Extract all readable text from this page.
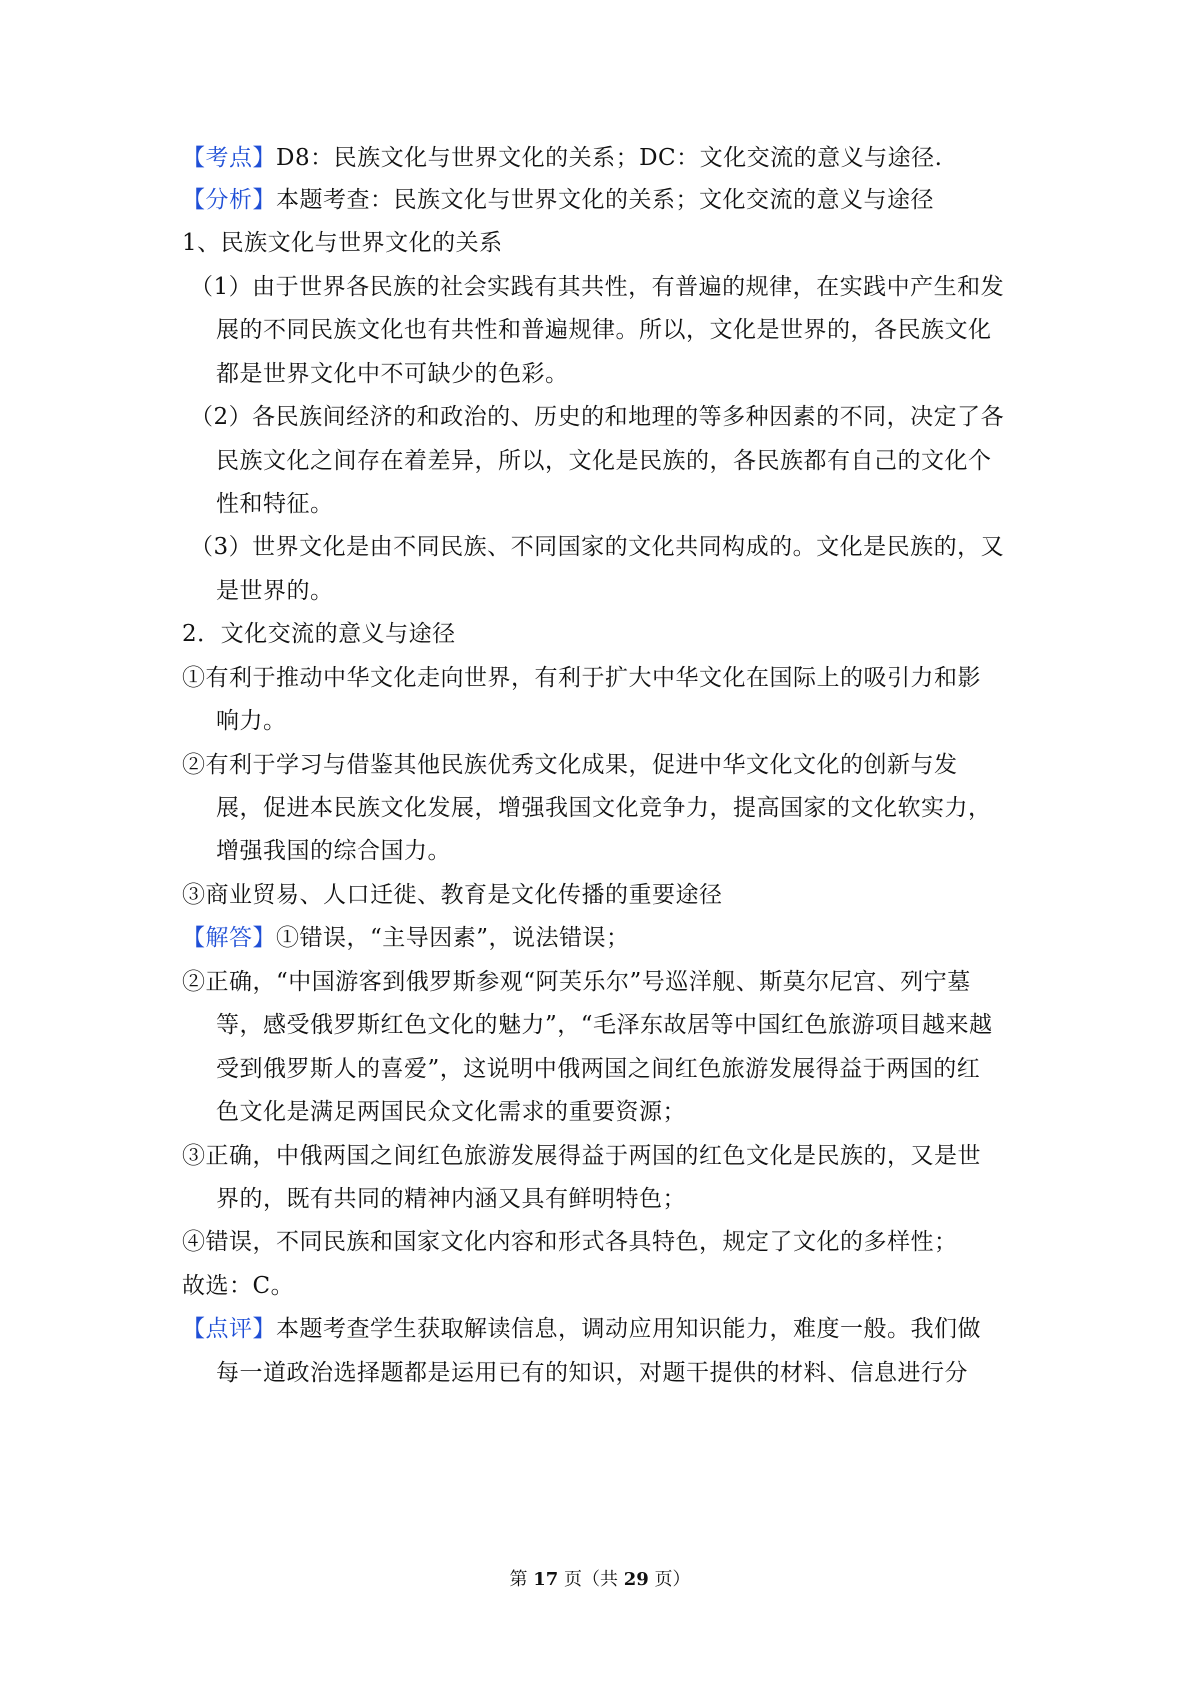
【考点】D8：民族文化与世界文化的关系；DC：文化交流的意义与途径.
【分析】本题考查：民族文化与世界文化的关系；文化交流的意义与途径
1、民族文化与世界文化的关系
（1）由于世界各民族的社会实践有其共性，有普遍的规律，在实践中产生和发
展的不同民族文化也有共性和普遍规律。所以，文化是世界的，各民族文化
都是世界文化中不可缺少的色彩。
（2）各民族间经济的和政治的、历史的和地理的等多种因素的不同，决定了各
民族文化之间存在着差异，所以，文化是民族的，各民族都有自己的文化个
性和特征。
（3）世界文化是由不同民族、不同国家的文化共同构成的。文化是民族的，又
是世界的。
2．文化交流的意义与途径
①有利于推动中华文化走向世界，有利于扩大中华文化在国际上的吸引力和影
响力。
②有利于学习与借鉴其他民族优秀文化成果，促进中华文化文化的创新与发
展，促进本民族文化发展，增强我国文化竞争力，提高国家的文化软实力，
增强我国的综合国力。
③商业贸易、人口迁徙、教育是文化传播的重要途径
【解答】①错误，“主导因素”，说法错误；
②正确，“中国游客到俄罗斯参观“阿芙乐尔”号巡洋舰、斯莫尔尼宫、列宁墓
等，感受俄罗斯红色文化的魅力”，“毛泽东故居等中国红色旅游项目越来越
受到俄罗斯人的喜爱”，这说明中俄两国之间红色旅游发展得益于两国的红
色文化是满足两国民众文化需求的重要资源；
③正确，中俄两国之间红色旅游发展得益于两国的红色文化是民族的，又是世
界的，既有共同的精神内涵又具有鲜明特色；
④错误，不同民族和国家文化内容和形式各具特色，规定了文化的多样性；
故选：C。
【点评】本题考查学生获取解读信息，调动应用知识能力，难度一般。我们做
每一道政治选择题都是运用已有的知识，对题干提供的材料、信息进行分
第 17 页（共 29 页）
